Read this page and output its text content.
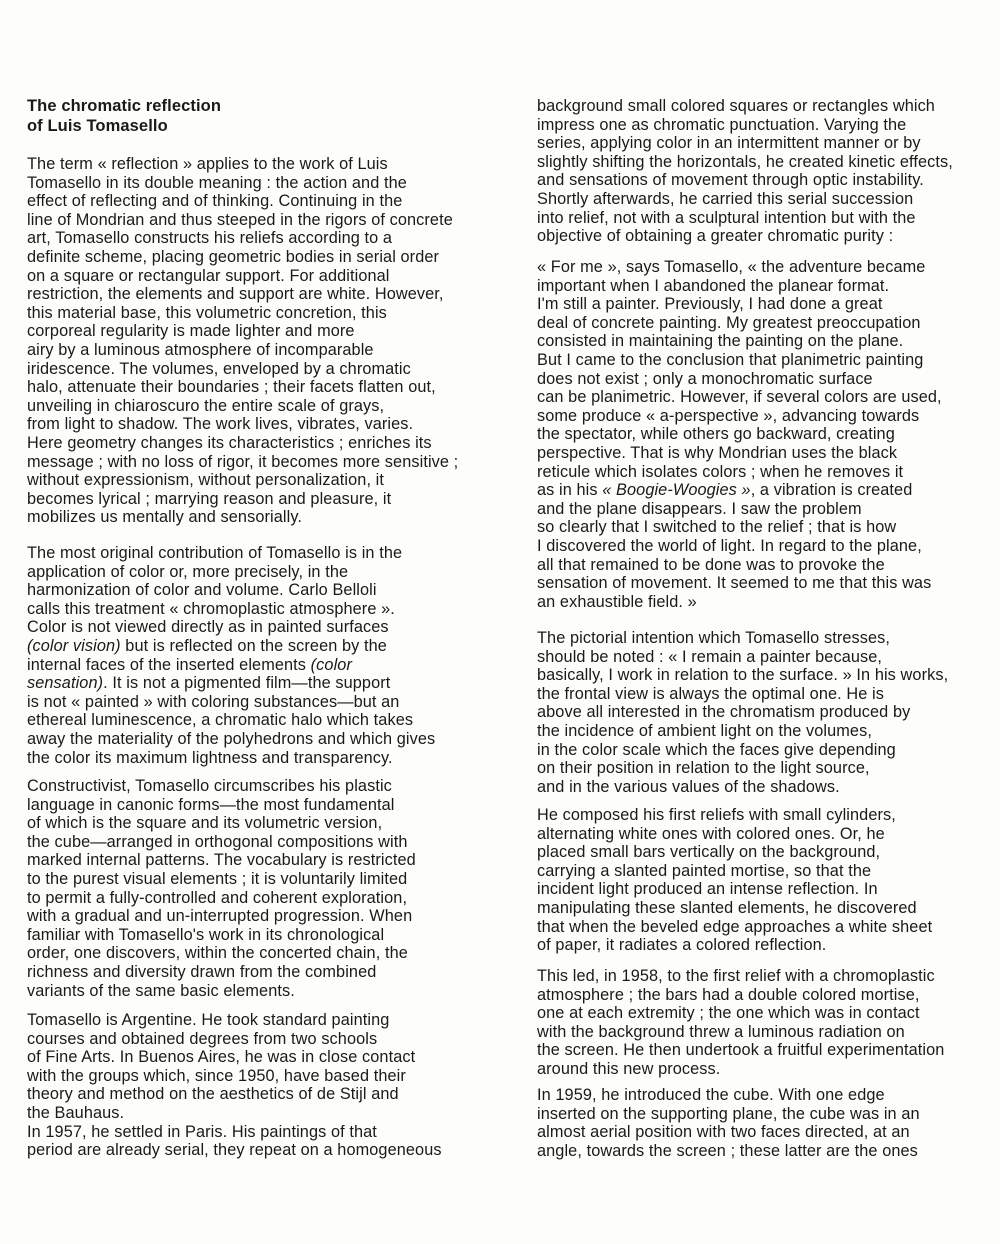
The chromatic reflection
of Luis Tomasello
The term « reflection » applies to the work of Luis
Tomasello in its double meaning : the action and the
effect of reflecting and of thinking. Continuing in the
line of Mondrian and thus steeped in the rigors of concrete
art, Tomasello constructs his reliefs according to a
definite scheme, placing geometric bodies in serial order
on a square or rectangular support. For additional
restriction, the elements and support are white. However,
this material base, this volumetric concretion, this
corporeal regularity is made lighter and more
airy by a luminous atmosphere of incomparable
iridescence. The volumes, enveloped by a chromatic
halo, attenuate their boundaries ; their facets flatten out,
unveiling in chiaroscuro the entire scale of grays,
from light to shadow. The work lives, vibrates, varies.
Here geometry changes its characteristics ; enriches its
message ; with no loss of rigor, it becomes more sensitive ;
without expressionism, without personalization, it
becomes lyrical ; marrying reason and pleasure, it
mobilizes us mentally and sensorially.
The most original contribution of Tomasello is in the
application of color or, more precisely, in the
harmonization of color and volume. Carlo Belloli
calls this treatment « chromoplastic atmosphere ».
Color is not viewed directly as in painted surfaces
(color vision) but is reflected on the screen by the
internal faces of the inserted elements (color
sensation). It is not a pigmented film—the support
is not « painted » with coloring substances—but an
ethereal luminescence, a chromatic halo which takes
away the materiality of the polyhedrons and which gives
the color its maximum lightness and transparency.
Constructivist, Tomasello circumscribes his plastic
language in canonic forms—the most fundamental
of which is the square and its volumetric version,
the cube—arranged in orthogonal compositions with
marked internal patterns. The vocabulary is restricted
to the purest visual elements ; it is voluntarily limited
to permit a fully-controlled and coherent exploration,
with a gradual and un-interrupted progression. When
familiar with Tomasello's work in its chronological
order, one discovers, within the concerted chain, the
richness and diversity drawn from the combined
variants of the same basic elements.
Tomasello is Argentine. He took standard painting
courses and obtained degrees from two schools
of Fine Arts. In Buenos Aires, he was in close contact
with the groups which, since 1950, have based their
theory and method on the aesthetics of de Stijl and
the Bauhaus.
In 1957, he settled in Paris. His paintings of that
period are already serial, they repeat on a homogeneous
background small colored squares or rectangles which
impress one as chromatic punctuation. Varying the
series, applying color in an intermittent manner or by
slightly shifting the horizontals, he created kinetic effects,
and sensations of movement through optic instability.
Shortly afterwards, he carried this serial succession
into relief, not with a sculptural intention but with the
objective of obtaining a greater chromatic purity :
« For me », says Tomasello, « the adventure became
important when I abandoned the planear format.
I'm still a painter. Previously, I had done a great
deal of concrete painting. My greatest preoccupation
consisted in maintaining the painting on the plane.
But I came to the conclusion that planimetric painting
does not exist ; only a monochromatic surface
can be planimetric. However, if several colors are used,
some produce « a-perspective », advancing towards
the spectator, while others go backward, creating
perspective. That is why Mondrian uses the black
reticule which isolates colors ; when he removes it
as in his « Boogie-Woogies », a vibration is created
and the plane disappears. I saw the problem
so clearly that I switched to the relief ; that is how
I discovered the world of light. In regard to the plane,
all that remained to be done was to provoke the
sensation of movement. It seemed to me that this was
an exhaustible field. »
The pictorial intention which Tomasello stresses,
should be noted : « I remain a painter because,
basically, I work in relation to the surface. » In his works,
the frontal view is always the optimal one. He is
above all interested in the chromatism produced by
the incidence of ambient light on the volumes,
in the color scale which the faces give depending
on their position in relation to the light source,
and in the various values of the shadows.
He composed his first reliefs with small cylinders,
alternating white ones with colored ones. Or, he
placed small bars vertically on the background,
carrying a slanted painted mortise, so that the
incident light produced an intense reflection. In
manipulating these slanted elements, he discovered
that when the beveled edge approaches a white sheet
of paper, it radiates a colored reflection.
This led, in 1958, to the first relief with a chromoplastic
atmosphere ; the bars had a double colored mortise,
one at each extremity ; the one which was in contact
with the background threw a luminous radiation on
the screen. He then undertook a fruitful experimentation
around this new process.
In 1959, he introduced the cube. With one edge
inserted on the supporting plane, the cube was in an
almost aerial position with two faces directed, at an
angle, towards the screen ; these latter are the ones
